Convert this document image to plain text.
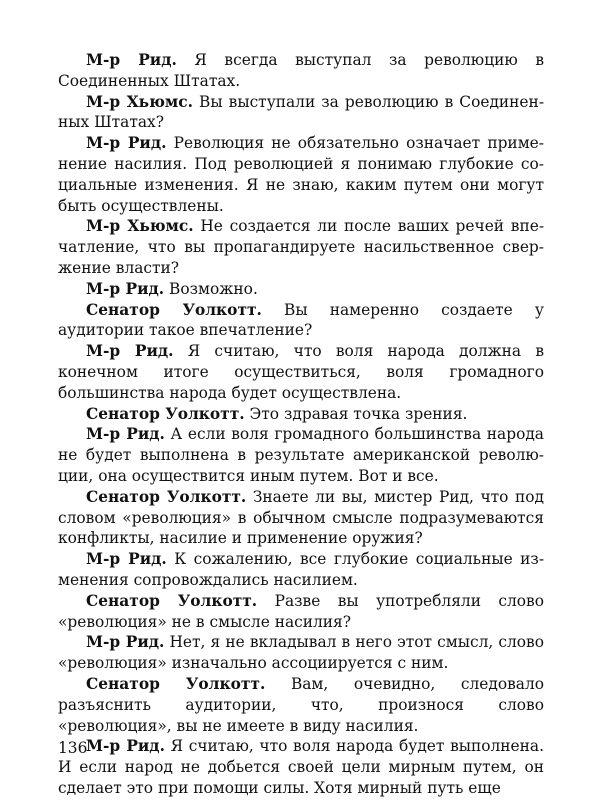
М-р Рид. Я всегда выступал за революцию в Соединенных Штатах.

М-р Хьюмс. Вы выступали за революцию в Соединенных Штатах?

М-р Рид. Революция не обязательно означает применение насилия. Под революцией я понимаю глубокие социальные изменения. Я не знаю, каким путем они могут быть осуществлены.

М-р Хьюмс. Не создается ли после ваших речей впечатление, что вы пропагандируете насильственное свержение власти?

М-р Рид. Возможно.

Сенатор Уолкотт. Вы намеренно создаете у аудитории такое впечатление?

М-р Рид. Я считаю, что воля народа должна в конечном итоге осуществиться, воля громадного большинства народа будет осуществлена.

Сенатор Уолкотт. Это здравая точка зрения.

М-р Рид. А если воля громадного большинства народа не будет выполнена в результате американской революции, она осуществится иным путем. Вот и все.

Сенатор Уолкотт. Знаете ли вы, мистер Рид, что под словом «революция» в обычном смысле подразумеваются конфликты, насилие и применение оружия?

М-р Рид. К сожалению, все глубокие социальные изменения сопровождались насилием.

Сенатор Уолкотт. Разве вы употребляли слово «революция» не в смысле насилия?

М-р Рид. Нет, я не вкладывал в него этот смысл, слово «революция» изначально ассоциируется с ним.

Сенатор Уолкотт. Вам, очевидно, следовало разъяснить аудитории, что, произнося слово «революция», вы не имеете в виду насилия.

М-р Рид. Я считаю, что воля народа будет выполнена. И если народ не добьется своей цели мирным путем, он сделает это при помощи силы. Хотя мирный путь еще

136
